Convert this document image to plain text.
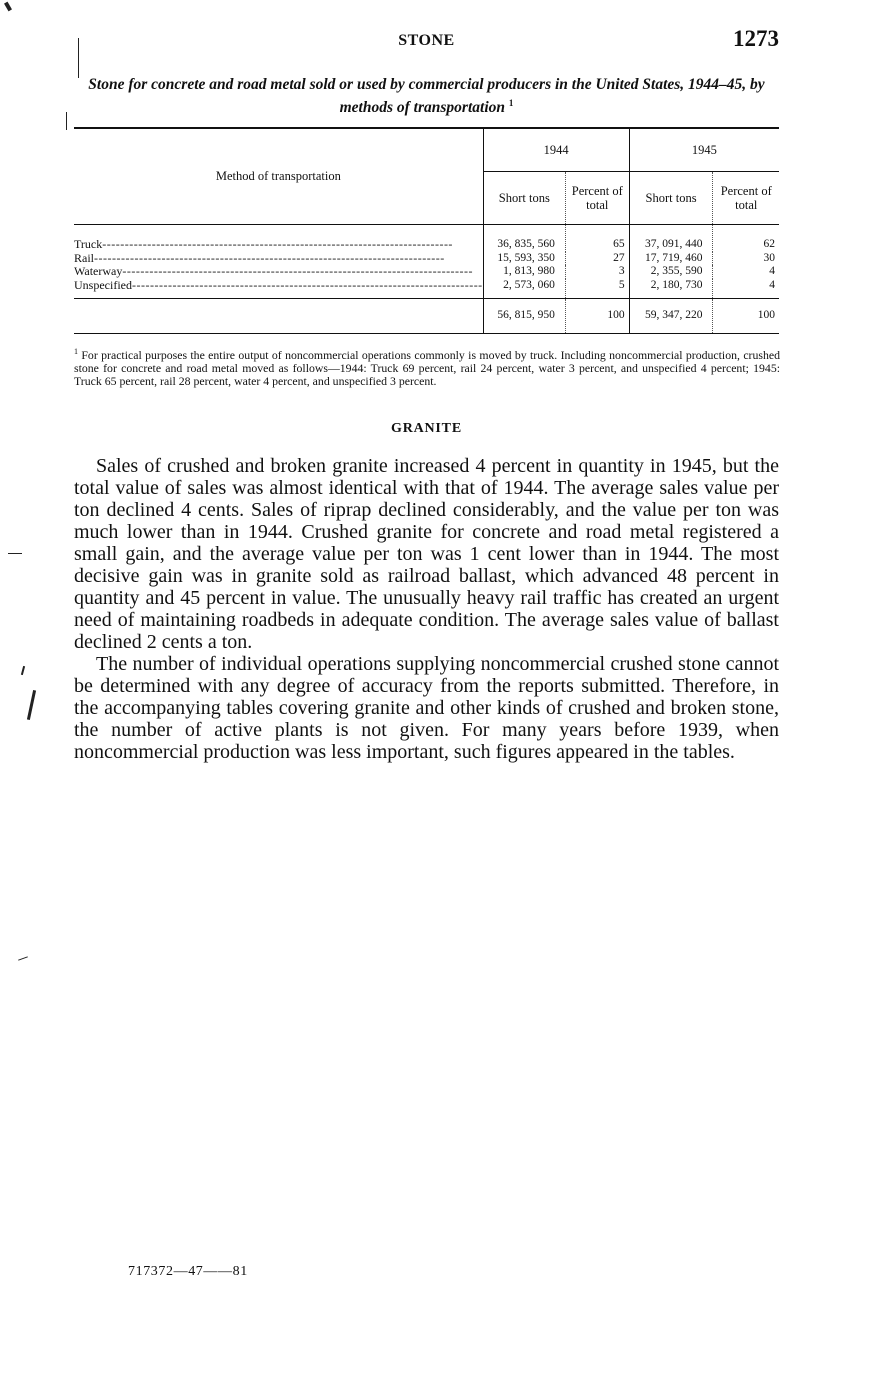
STONE	1273
Stone for concrete and road metal sold or used by commercial producers in the United States, 1944–45, by methods of transportation $^1$
Method of transportation	1944		1945	
	Short tons	Percent of total	Short tons	Percent of total
Truck------------------------------------------------------------------------------	36, 835, 560	65	37, 091, 440	62
Rail------------------------------------------------------------------------------	15, 593, 350	27	17, 719, 460	30
Waterway------------------------------------------------------------------------------	1, 813, 980	3	2, 355, 590	4
Unspecified------------------------------------------------------------------------------	2, 573, 060	5	2, 180, 730	4
	56, 815, 950	100	59, 347, 220	100
$^1$ For practical purposes the entire output of noncommercial operations commonly is moved by truck. Including noncommercial production, crushed stone for concrete and road metal moved as follows—1944: Truck 69 percent, rail 24 percent, water 3 percent, and unspecified 4 percent; 1945: Truck 65 percent, rail 28 percent, water 4 percent, and unspecified 3 percent.
GRANITE

Sales of crushed and broken granite increased 4 percent in quantity in 1945, but the total value of sales was almost identical with that of 1944. The average sales value per ton declined 4 cents. Sales of riprap declined considerably, and the value per ton was much lower than in 1944. Crushed granite for concrete and road metal registered a small gain, and the average value per ton was 1 cent lower than in 1944. The most decisive gain was in granite sold as railroad ballast, which advanced 48 percent in quantity and 45 percent in value. The unusually heavy rail traffic has created an urgent need of maintaining roadbeds in adequate condition. The average sales value of ballast declined 2 cents a ton.

The number of individual operations supplying noncommercial crushed stone cannot be determined with any degree of accuracy from the reports submitted. Therefore, in the accompanying tables covering granite and other kinds of crushed and broken stone, the number of active plants is not given. For many years before 1939, when noncommercial production was less important, such figures appeared in the tables.

717372—47——81
